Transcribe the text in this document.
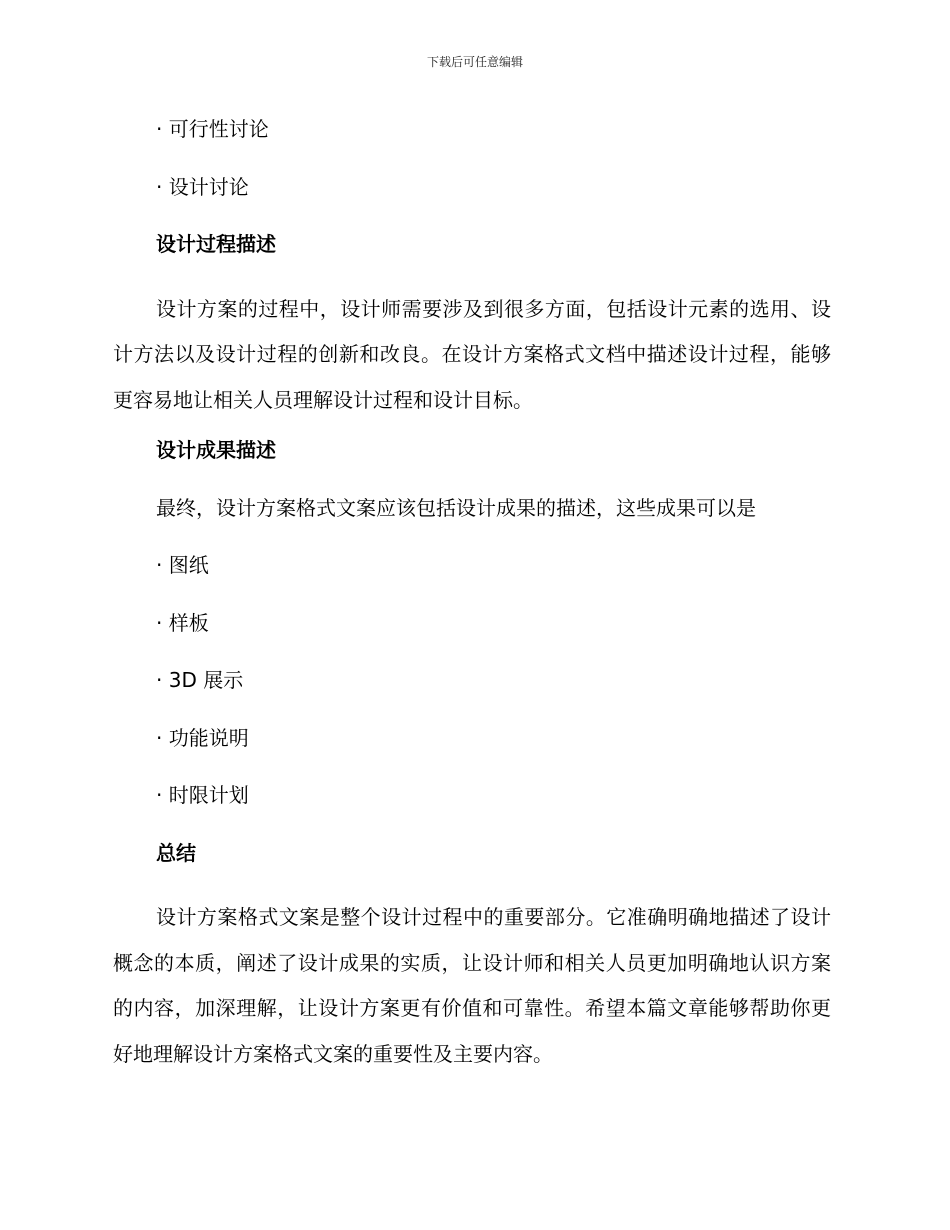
下载后可任意编辑
· 可行性讨论
· 设计讨论
设计过程描述
设计方案的过程中，设计师需要涉及到很多方面，包括设计元素的选用、设计方法以及设计过程的创新和改良。在设计方案格式文档中描述设计过程，能够更容易地让相关人员理解设计过程和设计目标。
设计成果描述
最终，设计方案格式文案应该包括设计成果的描述，这些成果可以是
· 图纸
· 样板
· 3D 展示
· 功能说明
· 时限计划
总结
设计方案格式文案是整个设计过程中的重要部分。它准确明确地描述了设计概念的本质，阐述了设计成果的实质，让设计师和相关人员更加明确地认识方案的内容，加深理解，让设计方案更有价值和可靠性。希望本篇文章能够帮助你更好地理解设计方案格式文案的重要性及主要内容。
